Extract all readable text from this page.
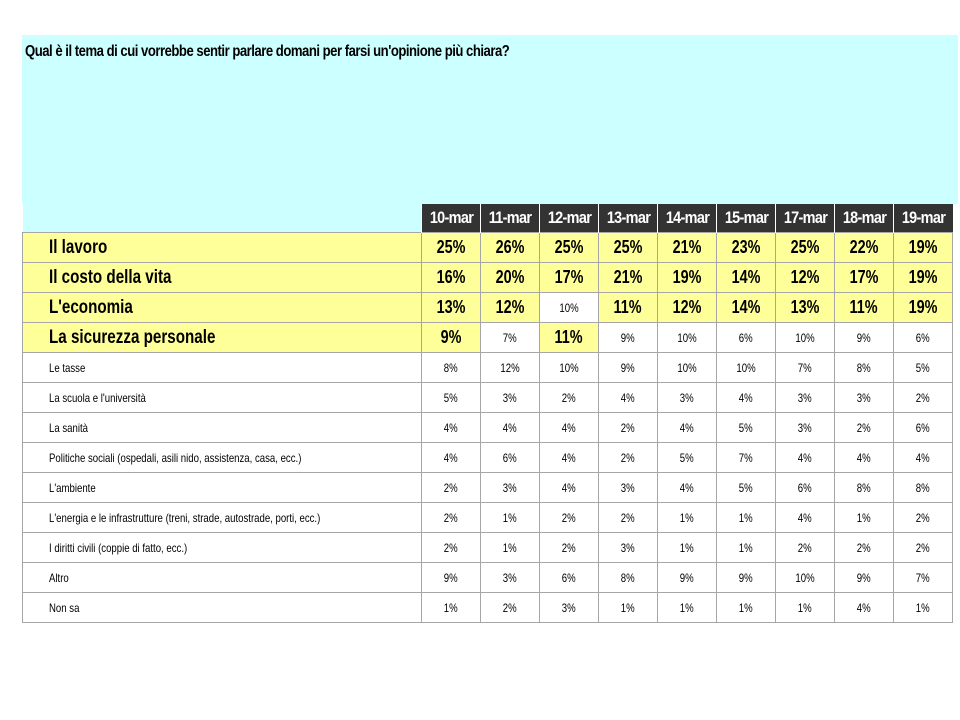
Qual è il tema di cui vorrebbe sentir parlare domani per farsi un'opinione più chiara?
	10-mar	11-mar	12-mar	13-mar	14-mar	15-mar	17-mar	18-mar	19-mar
Il lavoro	25%	26%	25%	25%	21%	23%	25%	22%	19%
Il costo della vita	16%	20%	17%	21%	19%	14%	12%	17%	19%
L'economia	13%	12%	10%	11%	12%	14%	13%	11%	19%
La sicurezza personale	9%	7%	11%	9%	10%	6%	10%	9%	6%
Le tasse	8%	12%	10%	9%	10%	10%	7%	8%	5%
La scuola e l'università	5%	3%	2%	4%	3%	4%	3%	3%	2%
La sanità	4%	4%	4%	2%	4%	5%	3%	2%	6%
Politiche sociali (ospedali, asili nido, assistenza, casa, ecc.)	4%	6%	4%	2%	5%	7%	4%	4%	4%
L'ambiente	2%	3%	4%	3%	4%	5%	6%	8%	8%
L'energia e le infrastrutture (treni, strade, autostrade, porti, ecc.)	2%	1%	2%	2%	1%	1%	4%	1%	2%
I diritti civili (coppie di fatto, ecc.)	2%	1%	2%	3%	1%	1%	2%	2%	2%
Altro	9%	3%	6%	8%	9%	9%	10%	9%	7%
Non sa	1%	2%	3%	1%	1%	1%	1%	4%	1%
